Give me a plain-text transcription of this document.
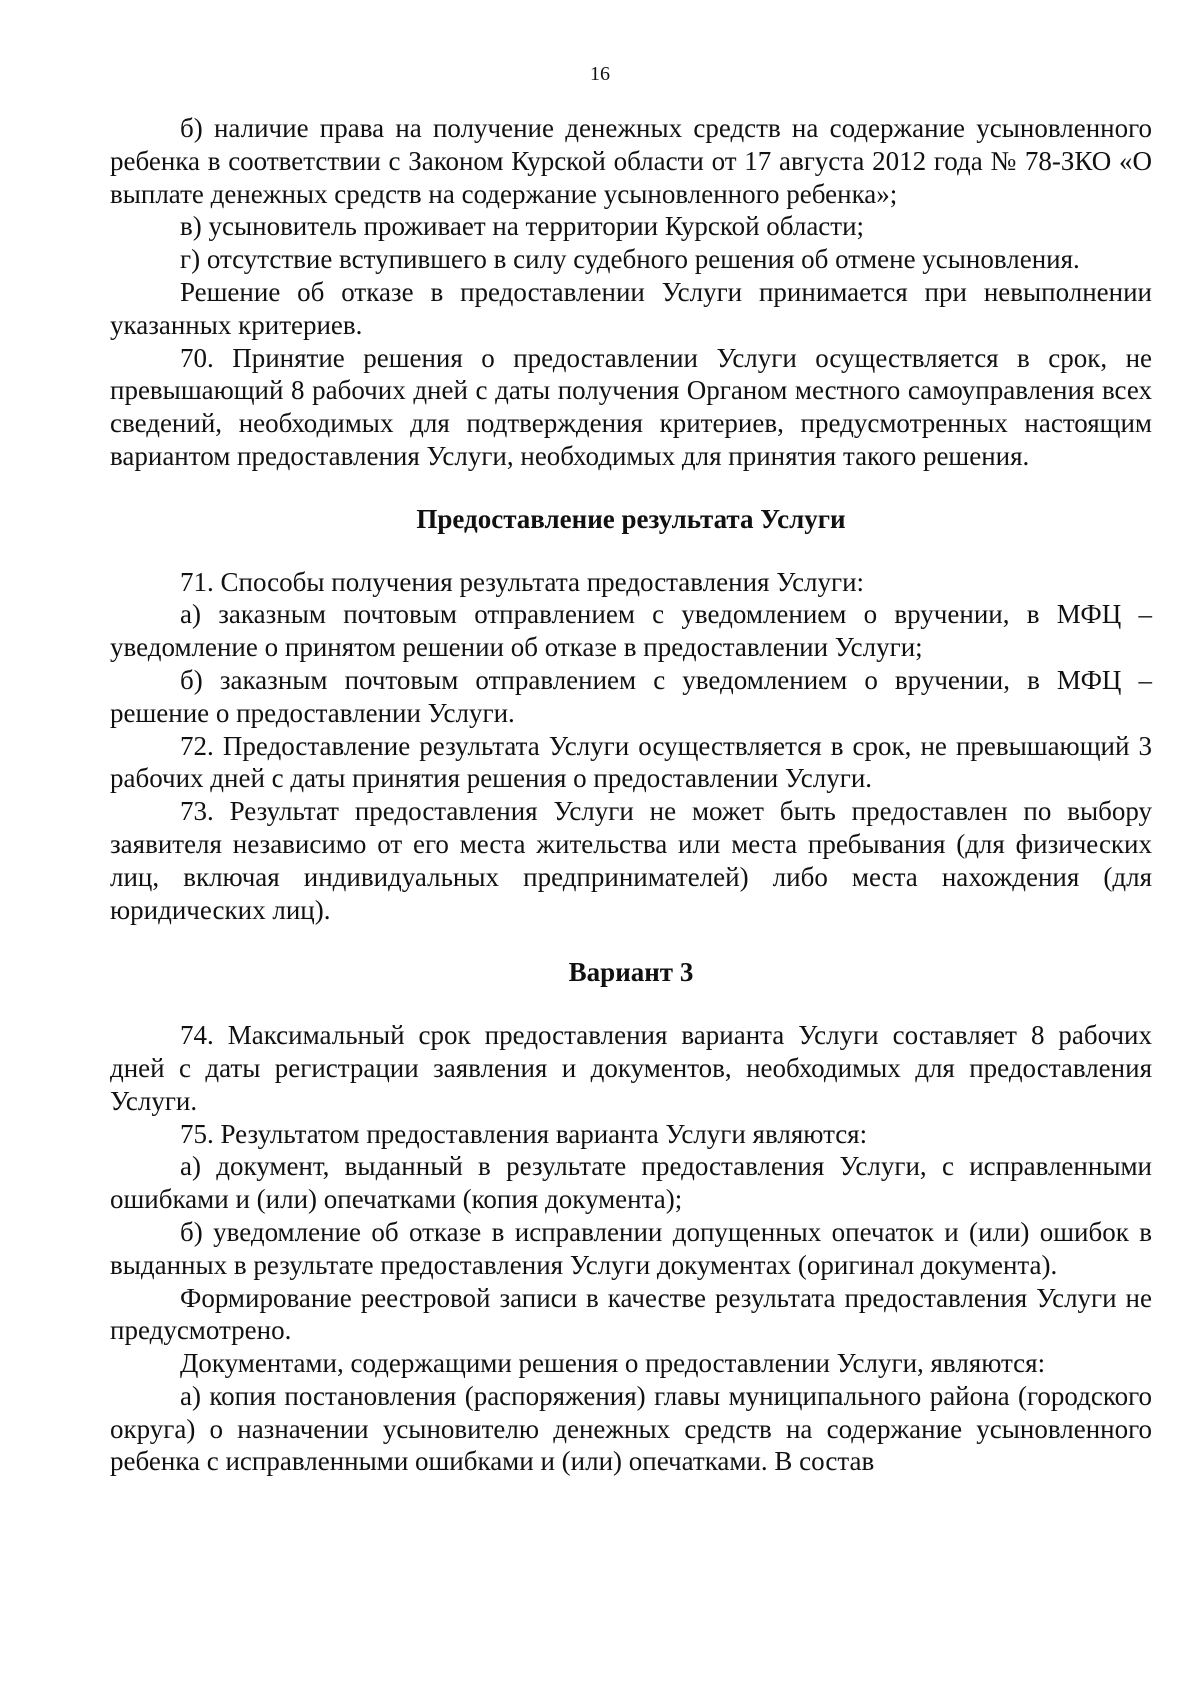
16

б) наличие права на получение денежных средств на содержание усыновленного ребенка в соответствии с Законом Курской области от 17 августа 2012 года № 78-ЗКО «О выплате денежных средств на содержание усыновленного ребенка»;

в) усыновитель проживает на территории Курской области;

г) отсутствие вступившего в силу судебного решения об отмене усыновления.

Решение об отказе в предоставлении Услуги принимается при невыполнении указанных критериев.

70. Принятие решения о предоставлении Услуги осуществляется в срок, не превышающий 8 рабочих дней с даты получения Органом местного самоуправления всех сведений, необходимых для подтверждения критериев, предусмотренных настоящим вариантом предоставления Услуги, необходимых для принятия такого решения.

Предоставление результата Услуги

71. Способы получения результата предоставления Услуги:

а) заказным почтовым отправлением с уведомлением о вручении, в МФЦ – уведомление о принятом решении об отказе в предоставлении Услуги;

б) заказным почтовым отправлением с уведомлением о вручении, в МФЦ – решение о предоставлении Услуги.

72. Предоставление результата Услуги осуществляется в срок, не превышающий 3 рабочих дней с даты принятия решения о предоставлении Услуги.

73. Результат предоставления Услуги не может быть предоставлен по выбору заявителя независимо от его места жительства или места пребывания (для физических лиц, включая индивидуальных предпринимателей) либо места нахождения (для юридических лиц).

Вариант 3

74. Максимальный срок предоставления варианта Услуги составляет 8 рабочих дней с даты регистрации заявления и документов, необходимых для предоставления Услуги.

75. Результатом предоставления варианта Услуги являются:

а) документ, выданный в результате предоставления Услуги, с исправленными ошибками и (или) опечатками (копия документа);

б) уведомление об отказе в исправлении допущенных опечаток и (или) ошибок в выданных в результате предоставления Услуги документах (оригинал документа).

Формирование реестровой записи в качестве результата предоставления Услуги не предусмотрено.

Документами, содержащими решения о предоставлении Услуги, являются:

а) копия постановления (распоряжения) главы муниципального района (городского округа) о назначении усыновителю денежных средств на содержание усыновленного ребенка с исправленными ошибками и (или) опечатками. В состав
